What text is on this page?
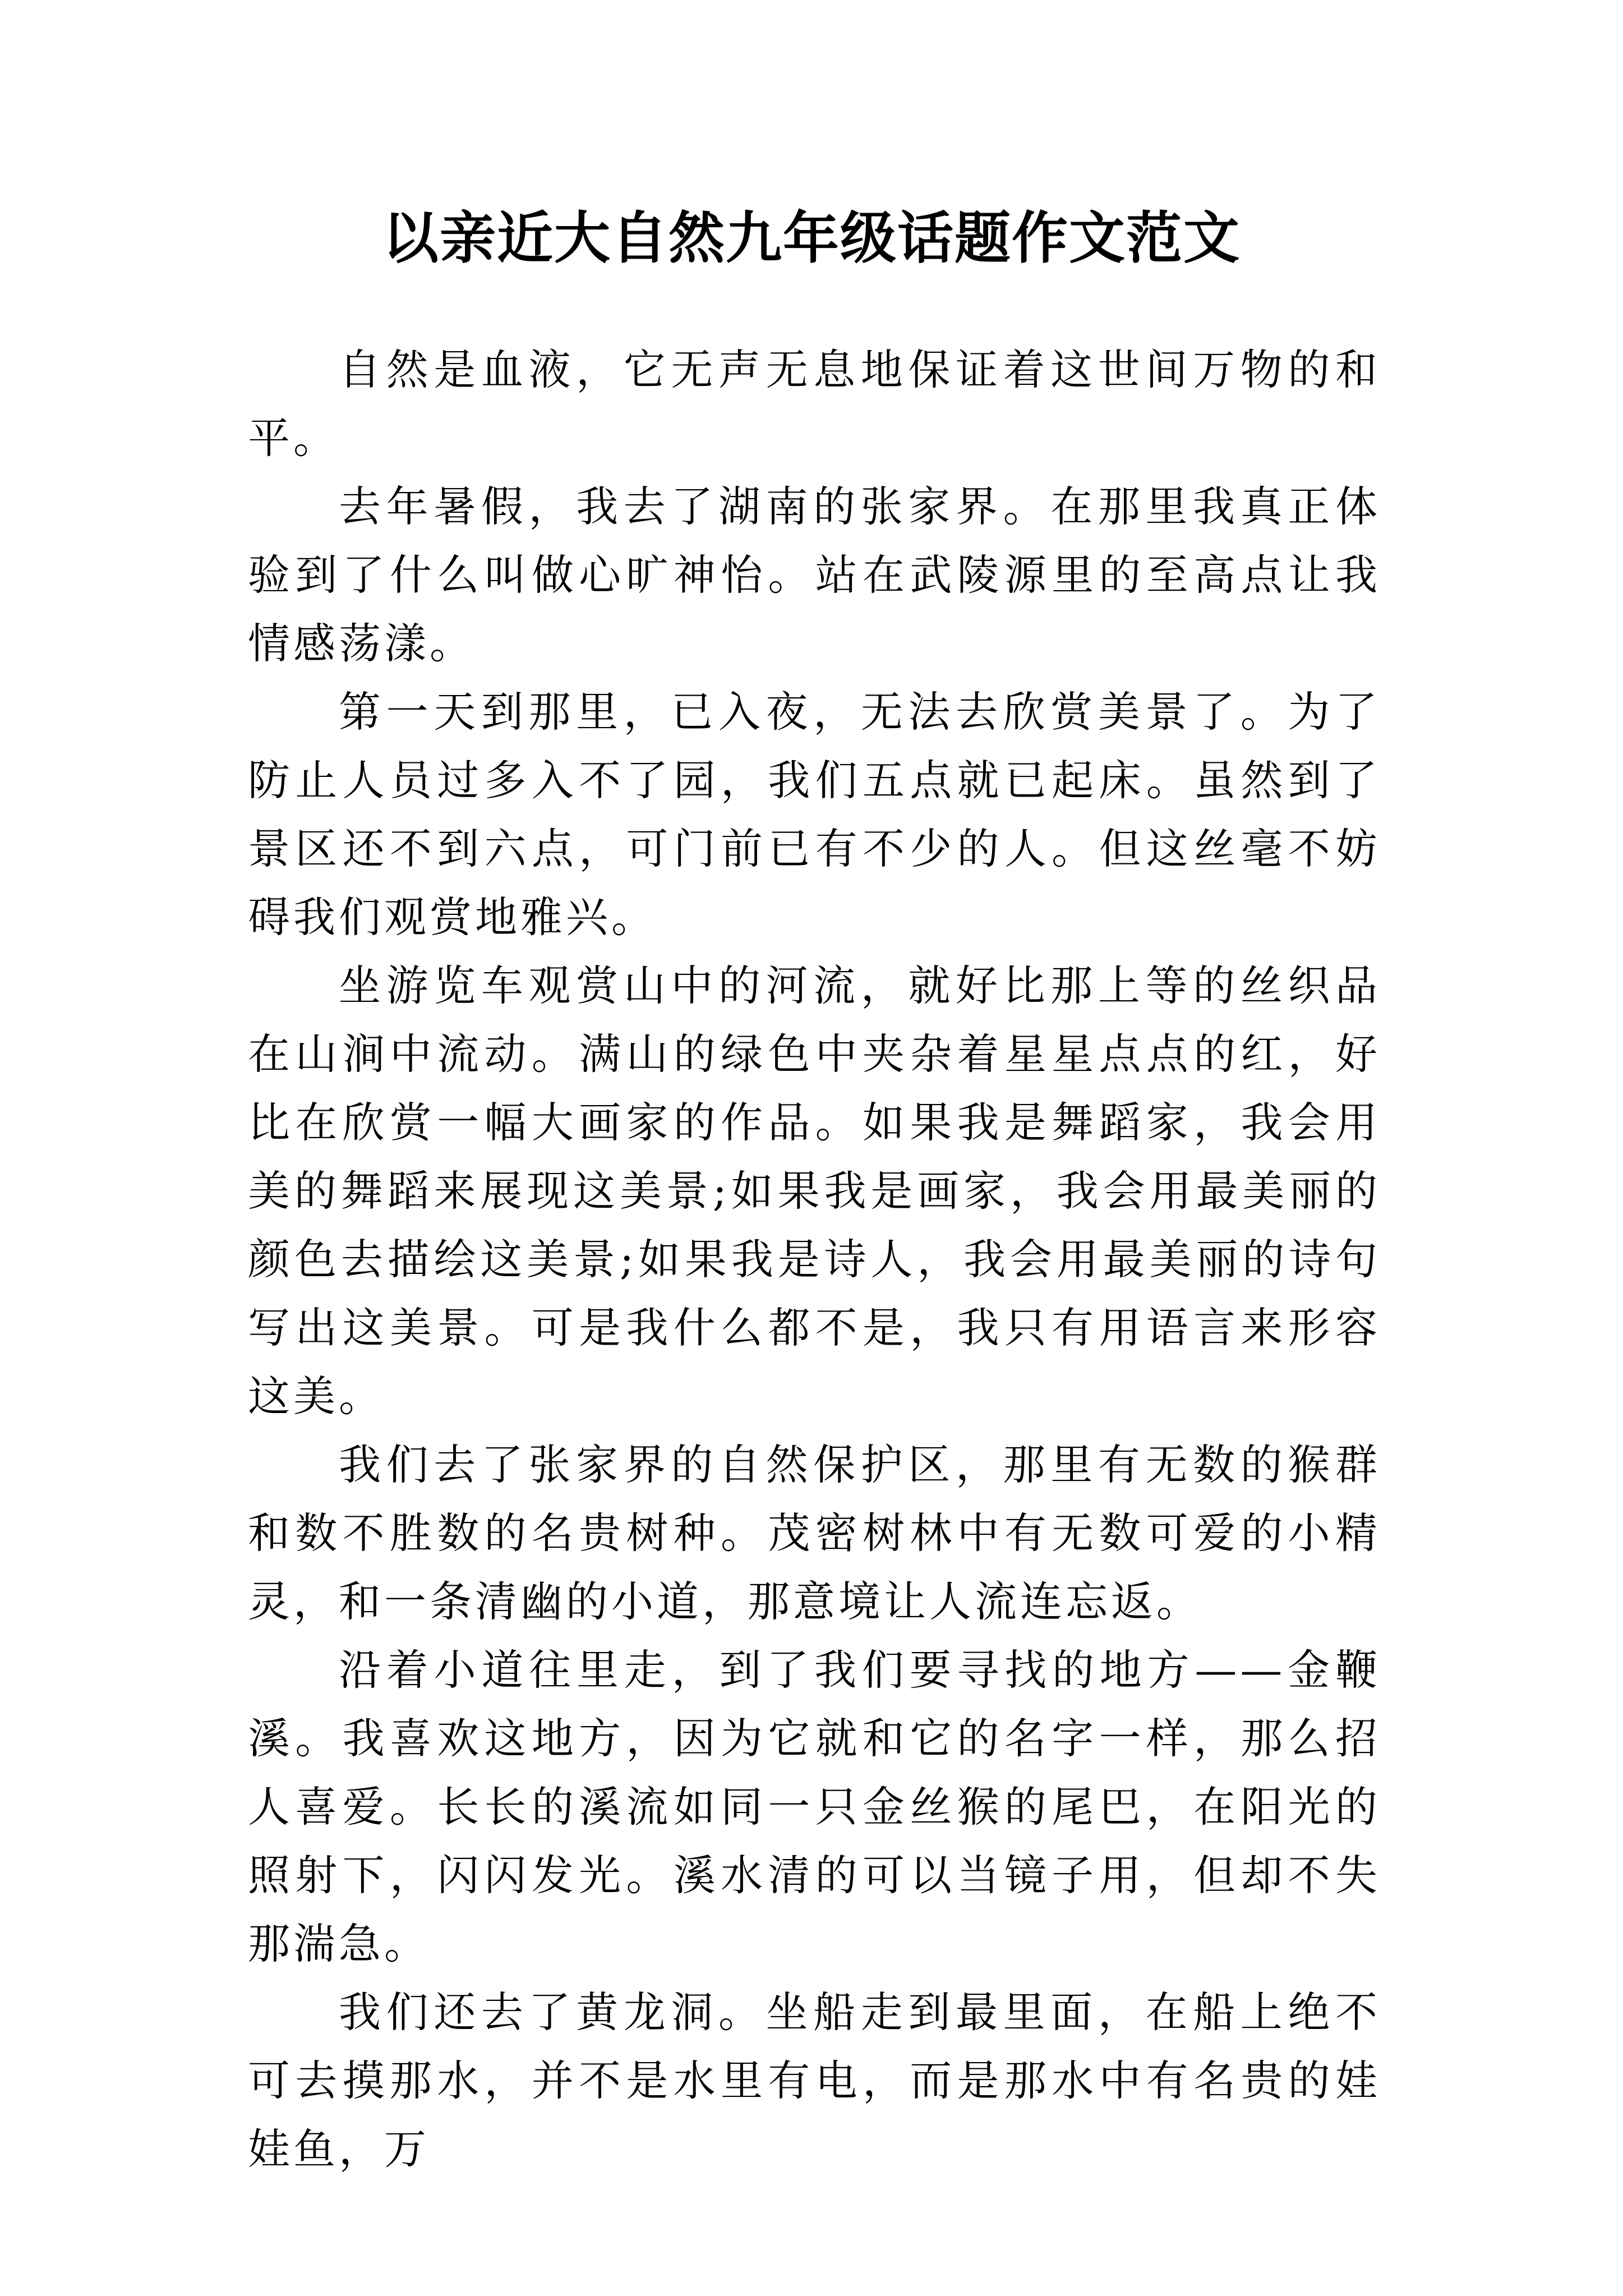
以亲近大自然九年级话题作文范文

自然是血液，它无声无息地保证着这世间万物的和平。

去年暑假，我去了湖南的张家界。在那里我真正体验到了什么叫做心旷神怡。站在武陵源里的至高点让我情感荡漾。

第一天到那里，已入夜，无法去欣赏美景了。为了防止人员过多入不了园，我们五点就已起床。虽然到了景区还不到六点，可门前已有不少的人。但这丝毫不妨碍我们观赏地雅兴。

坐游览车观赏山中的河流，就好比那上等的丝织品在山涧中流动。满山的绿色中夹杂着星星点点的红，好比在欣赏一幅大画家的作品。如果我是舞蹈家，我会用美的舞蹈来展现这美景;如果我是画家，我会用最美丽的颜色去描绘这美景;如果我是诗人，我会用最美丽的诗句写出这美景。可是我什么都不是，我只有用语言来形容这美。

我们去了张家界的自然保护区，那里有无数的猴群和数不胜数的名贵树种。茂密树林中有无数可爱的小精灵，和一条清幽的小道，那意境让人流连忘返。

沿着小道往里走，到了我们要寻找的地方——金鞭溪。我喜欢这地方，因为它就和它的名字一样，那么招人喜爱。长长的溪流如同一只金丝猴的尾巴，在阳光的照射下，闪闪发光。溪水清的可以当镜子用，但却不失那湍急。

我们还去了黄龙洞。坐船走到最里面，在船上绝不可去摸那水，并不是水里有电，而是那水中有名贵的娃娃鱼，万
